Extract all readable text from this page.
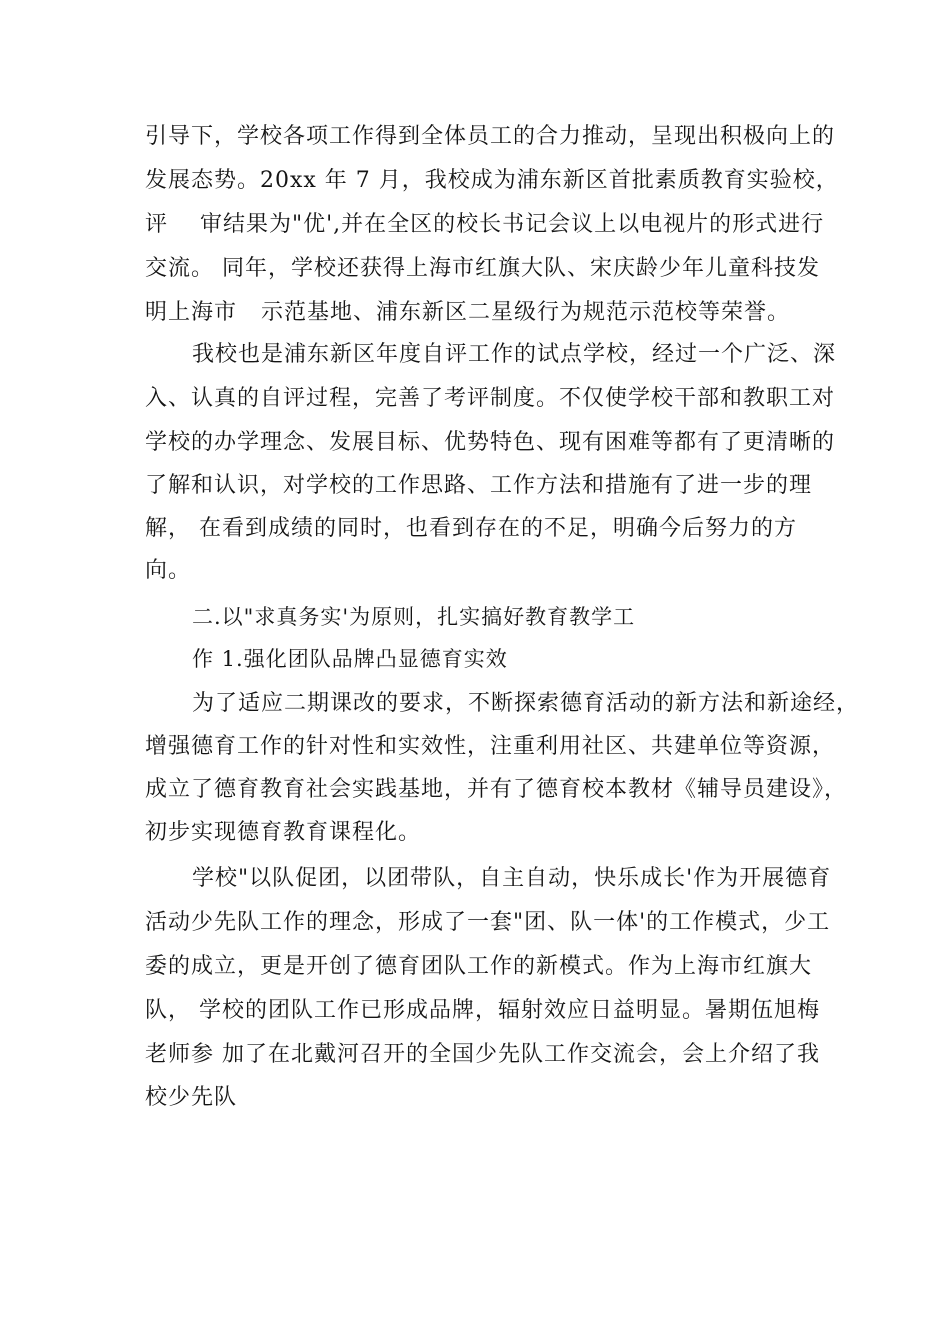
引导下，学校各项工作得到全体员工的合力推动，呈现出积极向上的
发展态势。20xx 年 7 月，我校成为浦东新区首批素质教育实验校，
评    审结果为"优',并在全区的校长书记会议上以电视片的形式进行
交流。 同年，学校还获得上海市红旗大队、宋庆龄少年儿童科技发
明上海市   示范基地、浦东新区二星级行为规范示范校等荣誉。
我校也是浦东新区年度自评工作的试点学校，经过一个广泛、深
入、认真的自评过程，完善了考评制度。不仅使学校干部和教职工对
学校的办学理念、发展目标、优势特色、现有困难等都有了更清晰的
了解和认识，对学校的工作思路、工作方法和措施有了进一步的理
解， 在看到成绩的同时，也看到存在的不足，明确今后努力的方
向。
二.以"求真务实'为原则，扎实搞好教育教学工
作 1.强化团队品牌凸显德育实效
为了适应二期课改的要求，不断探索德育活动的新方法和新途经，
增强德育工作的针对性和实效性，注重利用社区、共建单位等资源，
成立了德育教育社会实践基地，并有了德育校本教材《辅导员建设》，
初步实现德育教育课程化。
学校"以队促团，以团带队，自主自动，快乐成长'作为开展德育
活动少先队工作的理念，形成了一套"团、队一体'的工作模式，少工
委的成立，更是开创了德育团队工作的新模式。作为上海市红旗大
队， 学校的团队工作已形成品牌，辐射效应日益明显。暑期伍旭梅
老师参 加了在北戴河召开的全国少先队工作交流会，会上介绍了我
校少先队
